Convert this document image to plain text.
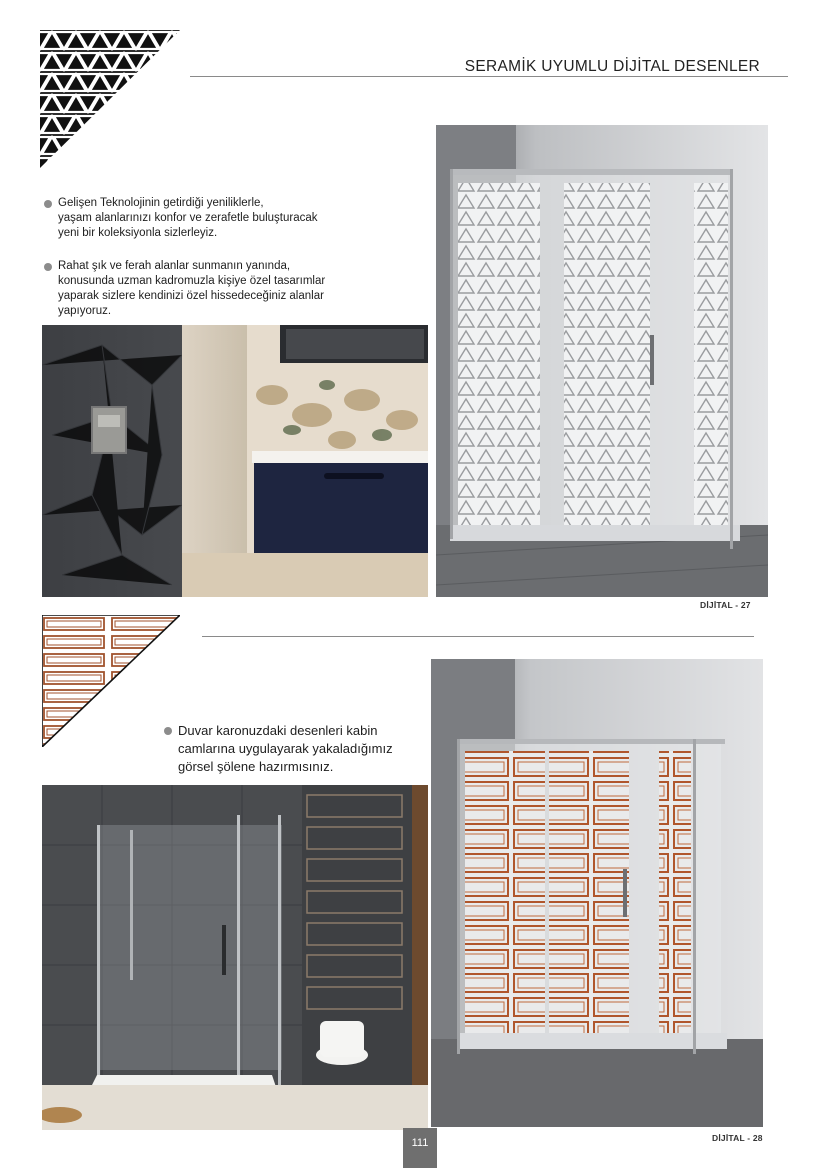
SERAMİK UYUMLU DİJİTAL DESENLER
Gelişen Teknolojinin getirdiği yeniliklerle,
yaşam alanlarınızı konfor ve zerafetle buluşturacak
yeni bir koleksiyonla sizlerleyiz.
Rahat şık ve ferah alanlar sunmanın yanında,
konusunda uzman kadromuzla kişiye özel tasarımlar
yaparak sizlere kendinizi özel hissedeceğiniz alanlar
yapıyoruz.
DİJİTAL - 27
Duvar karonuzdaki desenleri kabin
camlarına uygulayarak yakaladığımız
görsel şölene hazırmısınız.
DİJİTAL - 28
111
